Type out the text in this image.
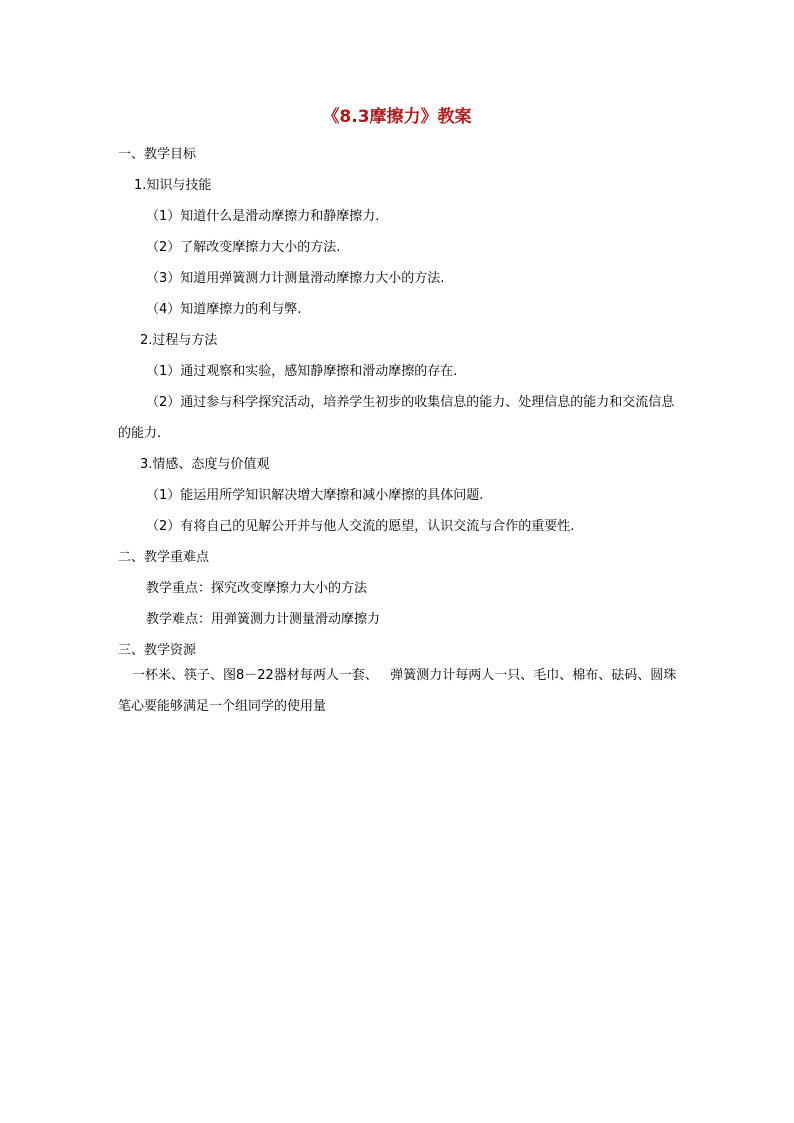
《8.3摩擦力》教案
一、教学目标
1.知识与技能
（1）知道什么是滑动摩擦力和静摩擦力.
（2）了解改变摩擦力大小的方法.
（3）知道用弹簧测力计测量滑动摩擦力大小的方法.
（4）知道摩擦力的利与弊.
2.过程与方法
（1）通过观察和实验，感知静摩擦和滑动摩擦的存在.
（2）通过参与科学探究活动，培养学生初步的收集信息的能力、处理信息的能力和交流信息的能力.
3.情感、态度与价值观
（1）能运用所学知识解决增大摩擦和减小摩擦的具体问题.
（2）有将自己的见解公开并与他人交流的愿望，认识交流与合作的重要性.
二、教学重难点
教学重点：探究改变摩擦力大小的方法
教学难点：用弹簧测力计测量滑动摩擦力
三、教学资源
一杯米、筷子、图8－22器材每两人一套、   弹簧测力计每两人一只、毛巾、棉布、砝码、圆珠笔心要能够满足一个组同学的使用量
